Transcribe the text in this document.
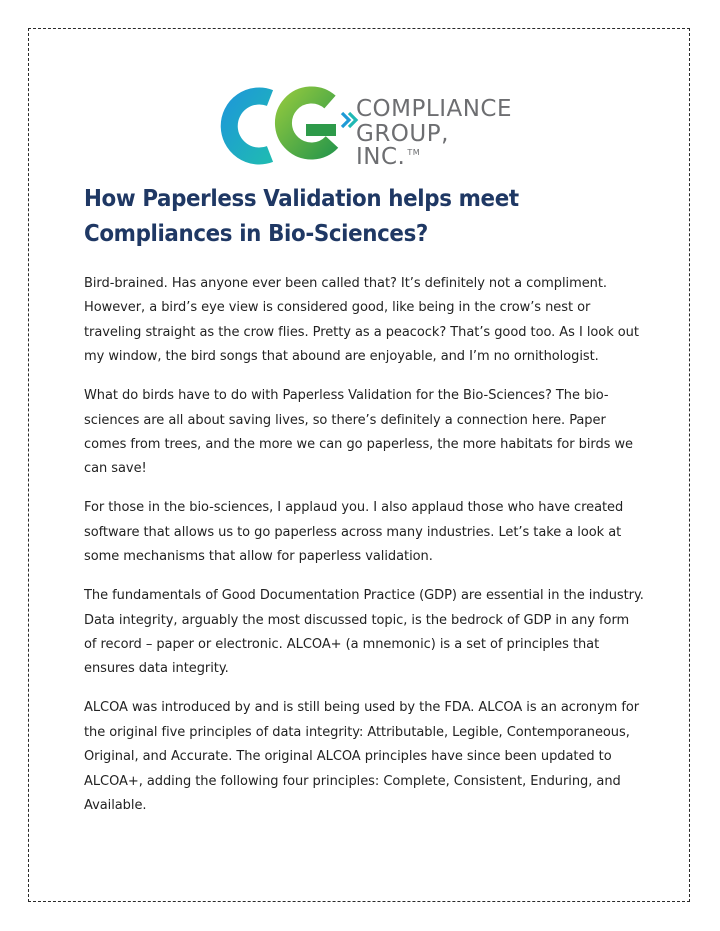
COMPLIANCE
GROUP, INC. ™
How Paperless Validation helps meet Compliances in Bio-Sciences?

Bird-brained. Has anyone ever been called that? It’s definitely not a compliment. However, a bird’s eye view is considered good, like being in the crow’s nest or traveling straight as the crow flies. Pretty as a peacock? That’s good too. As I look out my window, the bird songs that abound are enjoyable, and I’m no ornithologist.

What do birds have to do with Paperless Validation for the Bio-Sciences? The bio-sciences are all about saving lives, so there’s definitely a connection here. Paper comes from trees, and the more we can go paperless, the more habitats for birds we can save!

For those in the bio-sciences, I applaud you. I also applaud those who have created software that allows us to go paperless across many industries. Let’s take a look at some mechanisms that allow for paperless validation.

The fundamentals of Good Documentation Practice (GDP) are essential in the industry. Data integrity, arguably the most discussed topic, is the bedrock of GDP in any form of record – paper or electronic. ALCOA+ (a mnemonic) is a set of principles that ensures data integrity.

ALCOA was introduced by and is still being used by the FDA. ALCOA is an acronym for the original five principles of data integrity: Attributable, Legible, Contemporaneous, Original, and Accurate. The original ALCOA principles have since been updated to ALCOA+, adding the following four principles: Complete, Consistent, Enduring, and Available.
